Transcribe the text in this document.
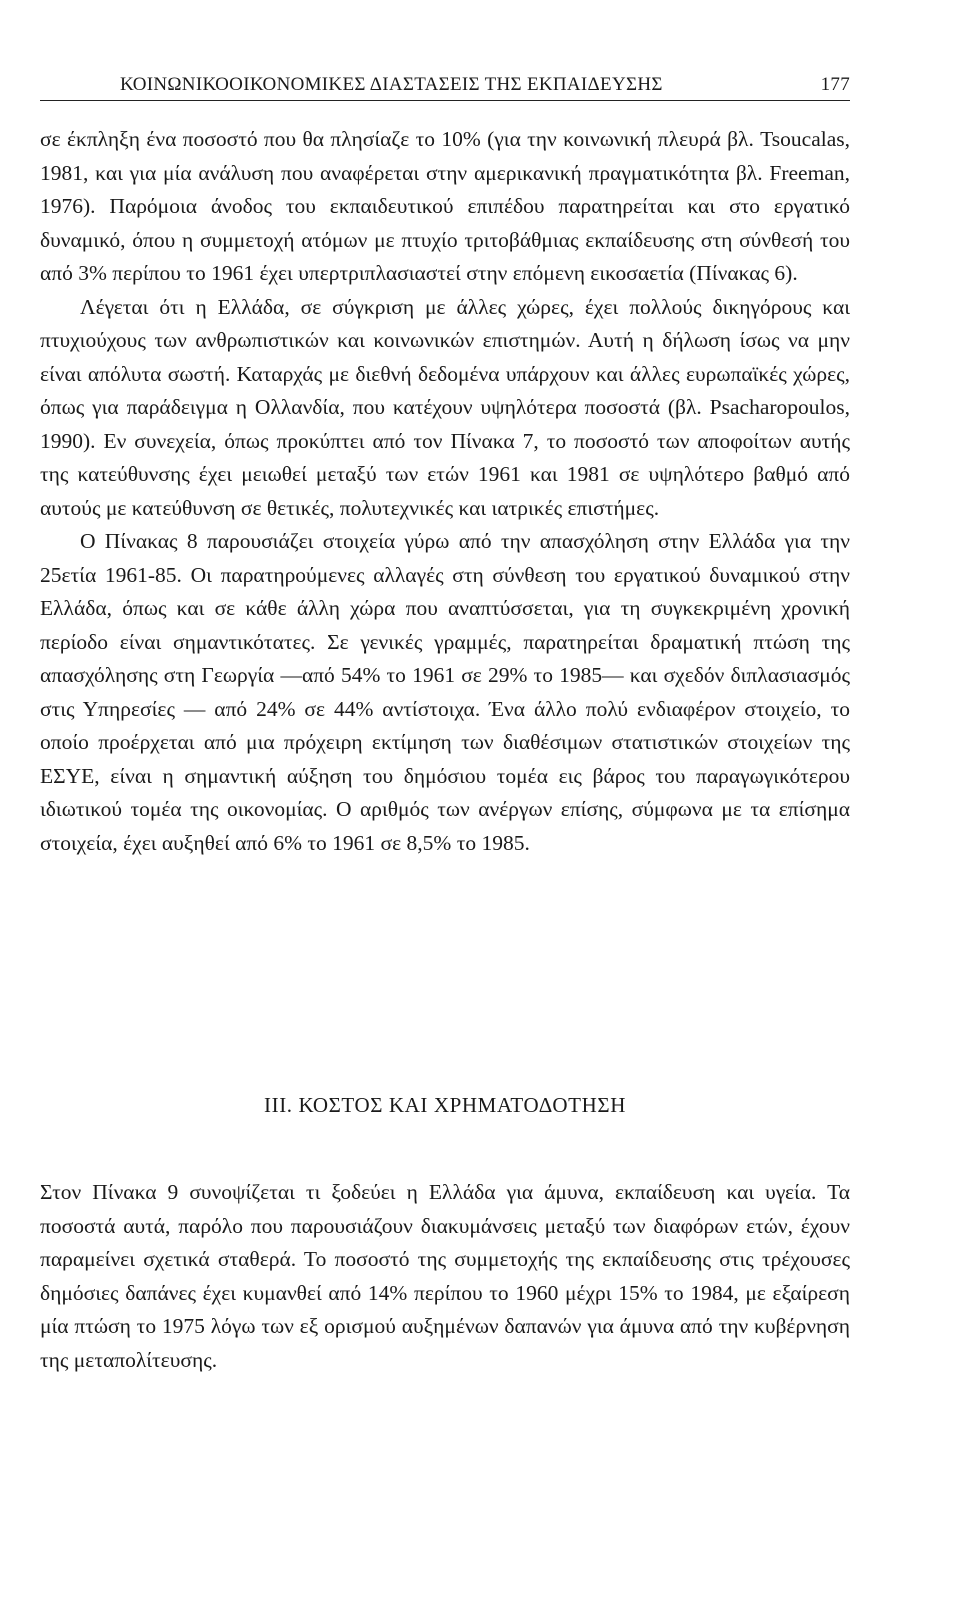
ΚΟΙΝΩΝΙΚΟΟΙΚΟΝΟΜΙΚΕΣ ΔΙΑΣΤΑΣΕΙΣ ΤΗΣ ΕΚΠΑΙΔΕΥΣΗΣ	177

σε έκπληξη ένα ποσοστό που θα πλησίαζε το 10% (για την κοινωνική πλευρά βλ. Tsoucalas, 1981, και για μία ανάλυση που αναφέρεται στην αμερικανική πραγματικότητα βλ. Freeman, 1976). Παρόμοια άνοδος του εκπαιδευτικού επιπέδου παρατηρείται και στο εργατικό δυναμικό, όπου η συμμετοχή ατόμων με πτυχίο τριτοβάθμιας εκπαίδευσης στη σύνθεσή του από 3% περίπου το 1961 έχει υπερτριπλασιαστεί στην επόμενη εικοσαετία (Πίνακας 6).

Λέγεται ότι η Ελλάδα, σε σύγκριση με άλλες χώρες, έχει πολλούς δικηγόρους και πτυχιούχους των ανθρωπιστικών και κοινωνικών επιστημών. Αυτή η δήλωση ίσως να μην είναι απόλυτα σωστή. Καταρχάς με διεθνή δεδομένα υπάρχουν και άλλες ευρωπαϊκές χώρες, όπως για παράδειγμα η Ολλανδία, που κατέχουν υψηλότερα ποσοστά (βλ. Psacharopoulos, 1990). Εν συνεχεία, όπως προκύπτει από τον Πίνακα 7, το ποσοστό των αποφοίτων αυτής της κατεύθυνσης έχει μειωθεί μεταξύ των ετών 1961 και 1981 σε υψηλότερο βαθμό από αυτούς με κατεύθυνση σε θετικές, πολυτεχνικές και ιατρικές επιστήμες.

Ο Πίνακας 8 παρουσιάζει στοιχεία γύρω από την απασχόληση στην Ελλάδα για την 25ετία 1961-85. Οι παρατηρούμενες αλλαγές στη σύνθεση του εργατικού δυναμικού στην Ελλάδα, όπως και σε κάθε άλλη χώρα που αναπτύσσεται, για τη συγκεκριμένη χρονική περίοδο είναι σημαντικότατες. Σε γενικές γραμμές, παρατηρείται δραματική πτώση της απασχόλησης στη Γεωργία —από 54% το 1961 σε 29% το 1985— και σχεδόν διπλασιασμός στις Υπηρεσίες — από 24% σε 44% αντίστοιχα. Ένα άλλο πολύ ενδιαφέρον στοιχείο, το οποίο προέρχεται από μια πρόχειρη εκτίμηση των διαθέσιμων στατιστικών στοιχείων της ΕΣΥΕ, είναι η σημαντική αύξηση του δημόσιου τομέα εις βάρος του παραγωγικότερου ιδιωτικού τομέα της οικονομίας. Ο αριθμός των ανέργων επίσης, σύμφωνα με τα επίσημα στοιχεία, έχει αυξηθεί από 6% το 1961 σε 8,5% το 1985.

III. ΚΟΣΤΟΣ ΚΑΙ ΧΡΗΜΑΤΟΔΟΤΗΣΗ

Στον Πίνακα 9 συνοψίζεται τι ξοδεύει η Ελλάδα για άμυνα, εκπαίδευση και υγεία. Τα ποσοστά αυτά, παρόλο που παρουσιάζουν διακυμάνσεις μεταξύ των διαφόρων ετών, έχουν παραμείνει σχετικά σταθερά. Το ποσοστό της συμμετοχής της εκπαίδευσης στις τρέχουσες δημόσιες δαπάνες έχει κυμανθεί από 14% περίπου το 1960 μέχρι 15% το 1984, με εξαίρεση μία πτώση το 1975 λόγω των εξ ορισμού αυξημένων δαπανών για άμυνα από την κυβέρνηση της μεταπολίτευσης.
